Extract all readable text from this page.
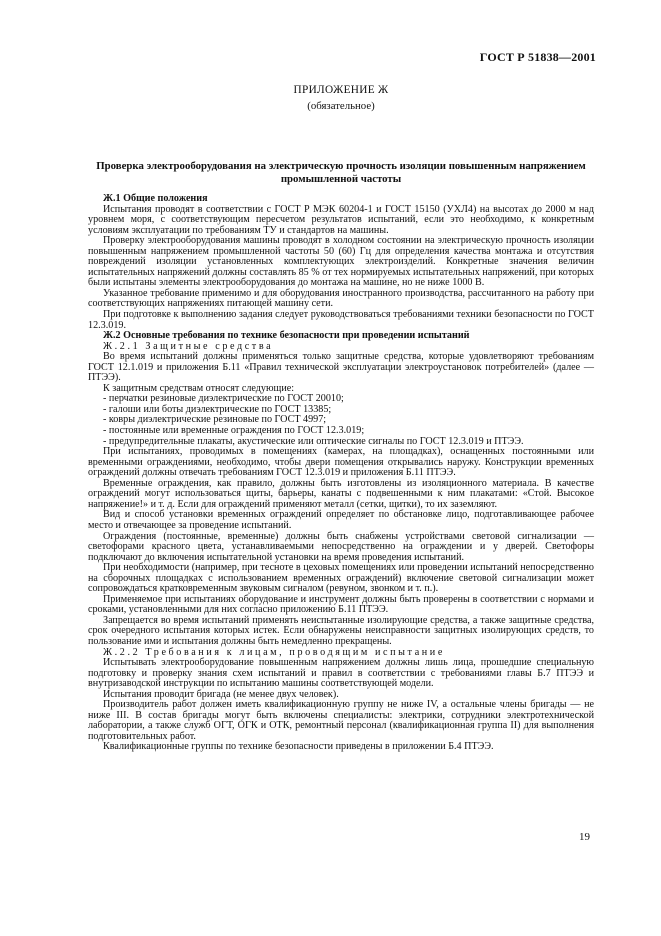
ГОСТ Р 51838—2001
ПРИЛОЖЕНИЕ Ж
(обязательное)
Проверка электрооборудования на электрическую прочность изоляции повышенным напряжением промышленной частоты

Ж.1 Общие положения

Испытания проводят в соответствии с ГОСТ Р МЭК 60204-1 и ГОСТ 15150 (УХЛ4) на высотах до 2000 м над уровнем моря, с соответствующим пересчетом результатов испытаний, если это необходимо, к конкретным условиям эксплуатации по требованиям ТУ и стандартов на машины.

Проверку электрооборудования машины проводят в холодном состоянии на электрическую прочность изоляции повышенным напряжением промышленной частоты 50 (60) Гц для определения качества монтажа и отсутствия повреждений изоляции установленных комплектующих электроизделий. Конкретные значения величин испытательных напряжений должны составлять 85 % от тех нормируемых испытательных напряжений, при которых были испытаны элементы электрооборудования до монтажа на машине, но не ниже 1000 В.

Указанное требование применимо и для оборудования иностранного производства, рассчитанного на работу при соответствующих напряжениях питающей машину сети.

При подготовке к выполнению задания следует руководствоваться требованиями техники безопасности по ГОСТ 12.3.019.

Ж.2 Основные требования по технике безопасности при проведении испытаний

Ж.2.1 Защитные средства

Во время испытаний должны применяться только защитные средства, которые удовлетворяют требованиям ГОСТ 12.1.019 и приложения Б.11 «Правил технической эксплуатации электроустановок потребителей» (далее — ПТЭЭ).

К защитным средствам относят следующие:

- перчатки резиновые диэлектрические по ГОСТ 20010;

- галоши или боты диэлектрические по ГОСТ 13385;

- ковры диэлектрические резиновые по ГОСТ 4997;

- постоянные или временные ограждения по ГОСТ 12.3.019;

- предупредительные плакаты, акустические или оптические сигналы по ГОСТ 12.3.019 и ПТЭЭ.

При испытаниях, проводимых в помещениях (камерах, на площадках), оснащенных постоянными или временными ограждениями, необходимо, чтобы двери помещения открывались наружу. Конструкции временных ограждений должны отвечать требованиям ГОСТ 12.3.019 и приложения Б.11 ПТЭЭ.

Временные ограждения, как правило, должны быть изготовлены из изоляционного материала. В качестве ограждений могут использоваться щиты, барьеры, канаты с подвешенными к ним плакатами: «Стой. Высокое напряжение!» и т. д. Если для ограждений применяют металл (сетки, щитки), то их заземляют.

Вид и способ установки временных ограждений определяет по обстановке лицо, подготавливающее рабочее место и отвечающее за проведение испытаний.

Ограждения (постоянные, временные) должны быть снабжены устройствами световой сигнализации — светофорами красного цвета, устанавливаемыми непосредственно на ограждении и у дверей. Светофоры подключают до включения испытательной установки на время проведения испытаний.

При необходимости (например, при тесноте в цеховых помещениях или проведении испытаний непосредственно на сборочных площадках с использованием временных ограждений) включение световой сигнализации может сопровождаться кратковременным звуковым сигналом (ревуном, звонком и т. п.).

Применяемое при испытаниях оборудование и инструмент должны быть проверены в соответствии с нормами и сроками, установленными для них согласно приложению Б.11 ПТЭЭ.

Запрещается во время испытаний применять неиспытанные изолирующие средства, а также защитные средства, срок очередного испытания которых истек. Если обнаружены неисправности защитных изолирующих средств, то пользование ими и испытания должны быть немедленно прекращены.

Ж.2.2 Требования к лицам, проводящим испытание

Испытывать электрооборудование повышенным напряжением должны лишь лица, прошедшие специальную подготовку и проверку знания схем испытаний и правил в соответствии с требованиями главы Б.7 ПТЭЭ и внутризаводской инструкции по испытанию машины соответствующей модели.

Испытания проводит бригада (не менее двух человек).

Производитель работ должен иметь квалификационную группу не ниже IV, а остальные члены бригады — не ниже III. В состав бригады могут быть включены специалисты: электрики, сотрудники электротехнической лаборатории, а также служб ОГТ, ОГК и ОТК, ремонтный персонал (квалификационная группа II) для выполнения подготовительных работ.

Квалификационные группы по технике безопасности приведены в приложении Б.4 ПТЭЭ.

19
